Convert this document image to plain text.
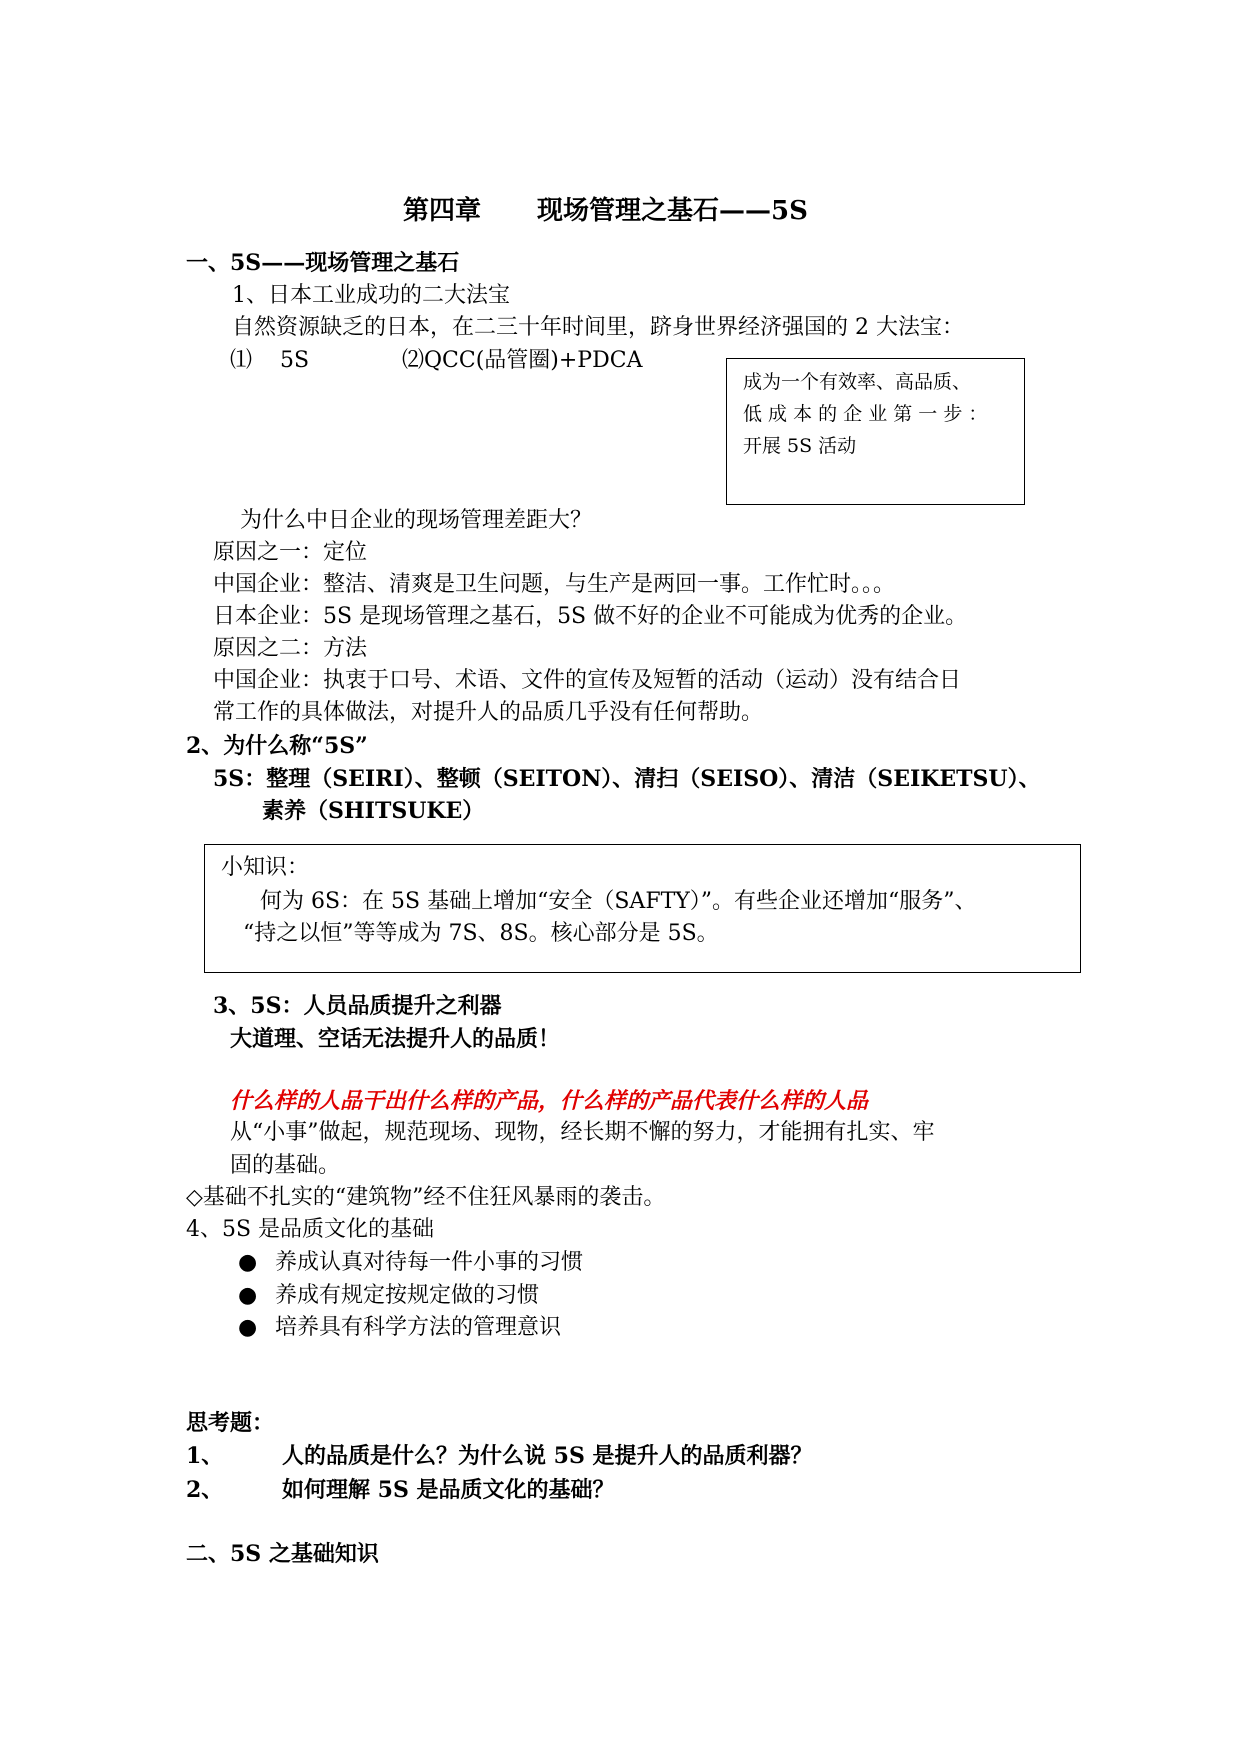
第四章 现场管理之基石——5S
一、5S——现场管理之基石
1、日本工业成功的二大法宝
自然资源缺乏的日本，在二三十年时间里，跻身世界经济强国的 2 大法宝：
⑴ 5S	⑵QCC(品管圈)+PDCA
成为一个有效率、高品质、
低 成 本 的 企 业 第 一 步 ：
开展 5S 活动
为什么中日企业的现场管理差距大？
原因之一：定位
中国企业：整洁、清爽是卫生问题，与生产是两回一事。工作忙时。。。
日本企业：5S 是现场管理之基石，5S 做不好的企业不可能成为优秀的企业。
原因之二：方法
中国企业：执衷于口号、术语、文件的宣传及短暂的活动（运动）没有结合日
常工作的具体做法，对提升人的品质几乎没有任何帮助。
2、为什么称“5S”
5S：整理（SEIRI）、整顿（SEITON）、清扫（SEISO）、清洁（SEIKETSU）、
素养（SHITSUKE）
小知识：
何为 6S：在 5S 基础上增加“安全（SAFTY）”。有些企业还增加“服务”、
“持之以恒”等等成为 7S、8S。核心部分是 5S。
3、5S：人员品质提升之利器
大道理、空话无法提升人的品质！
什么样的人品干出什么样的产品，什么样的产品代表什么样的人品
从“小事”做起，规范现场、现物，经长期不懈的努力，才能拥有扎实、牢
固的基础。
◇基础不扎实的“建筑物”经不住狂风暴雨的袭击。
4、5S 是品质文化的基础
● 养成认真对待每一件小事的习惯
● 养成有规定按规定做的习惯
● 培养具有科学方法的管理意识
思考题：
1、	人的品质是什么？为什么说 5S 是提升人的品质利器？
2、	如何理解 5S 是品质文化的基础？
二、5S 之基础知识
